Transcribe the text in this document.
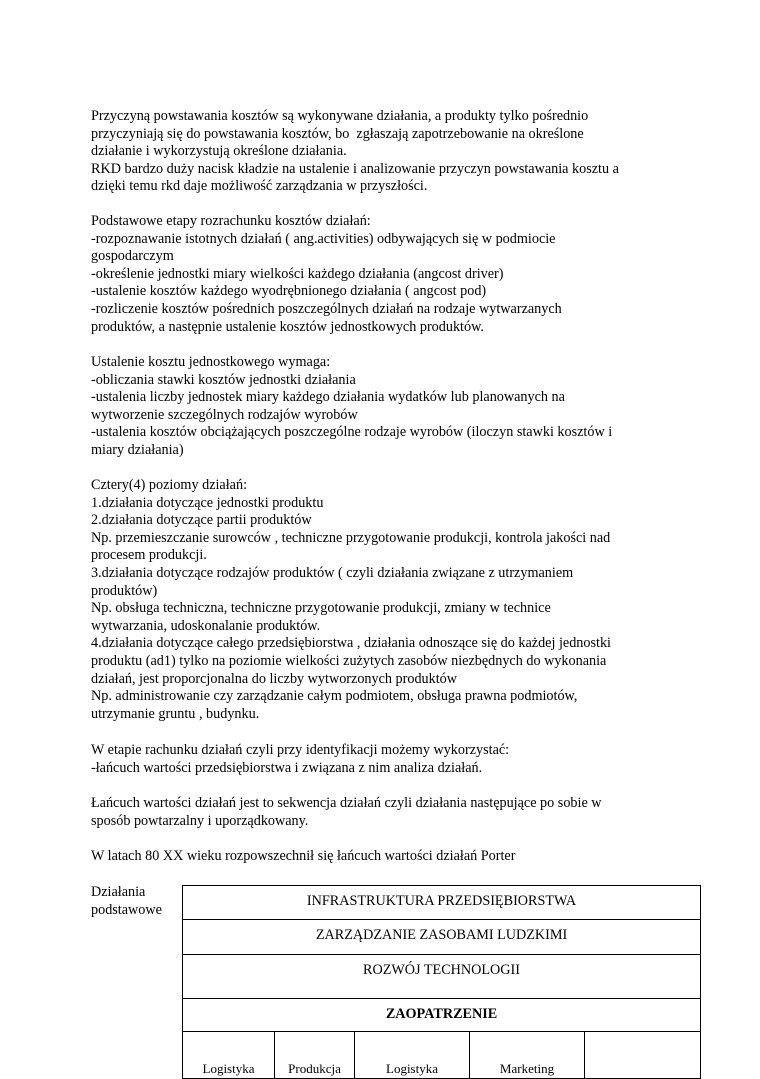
Przyczyną powstawania kosztów są wykonywane działania, a produkty tylko pośrednio
przyczyniają się do powstawania kosztów, bo  zgłaszają zapotrzebowanie na określone
działanie i wykorzystują określone działania.
RKD bardzo duży nacisk kładzie na ustalenie i analizowanie przyczyn powstawania kosztu a
dzięki temu rkd daje możliwość zarządzania w przyszłości.
Podstawowe etapy rozrachunku kosztów działań:
-rozpoznawanie istotnych działań ( ang.activities) odbywających się w podmiocie
gospodarczym
-określenie jednostki miary wielkości każdego działania (angcost driver)
-ustalenie kosztów każdego wyodrębnionego działania ( angcost pod)
-rozliczenie kosztów pośrednich poszczególnych działań na rodzaje wytwarzanych
produktów, a następnie ustalenie kosztów jednostkowych produktów.
Ustalenie kosztu jednostkowego wymaga:
-obliczania stawki kosztów jednostki działania
-ustalenia liczby jednostek miary każdego działania wydatków lub planowanych na
wytworzenie szczególnych rodzajów wyrobów
-ustalenia kosztów obciążających poszczególne rodzaje wyrobów (iloczyn stawki kosztów i
miary działania)
Cztery(4) poziomy działań:
1.działania dotyczące jednostki produktu
2.działania dotyczące partii produktów
Np. przemieszczanie surowców , techniczne przygotowanie produkcji, kontrola jakości nad
procesem produkcji.
3.działania dotyczące rodzajów produktów ( czyli działania związane z utrzymaniem
produktów)
Np. obsługa techniczna, techniczne przygotowanie produkcji, zmiany w technice
wytwarzania, udoskonalanie produktów.
4.działania dotyczące całego przedsiębiorstwa , działania odnoszące się do każdej jednostki
produktu (ad1) tylko na poziomie wielkości zużytych zasobów niezbędnych do wykonania
działań, jest proporcjonalna do liczby wytworzonych produktów
Np. administrowanie czy zarządzanie całym podmiotem, obsługa prawna podmiotów,
utrzymanie gruntu , budynku.
W etapie rachunku działań czyli przy identyfikacji możemy wykorzystać:
-łańcuch wartości przedsiębiorstwa i związana z nim analiza działań.
Łańcuch wartości działań jest to sekwencja działań czyli działania następujące po sobie w
sposób powtarzalny i uporządkowany.
W latach 80 XX wieku rozpowszechnił się łańcuch wartości działań Porter
Działania
podstawowe
INFRASTRUKTURA PRZEDSIĘBIORSTWA

ZARZĄDZANIE ZASOBAMI LUDZKIMI

ROZWÓJ TECHNOLOGII

ZAOPATRZENIE

Logistyka	Produkcja	Logistyka	Marketing
